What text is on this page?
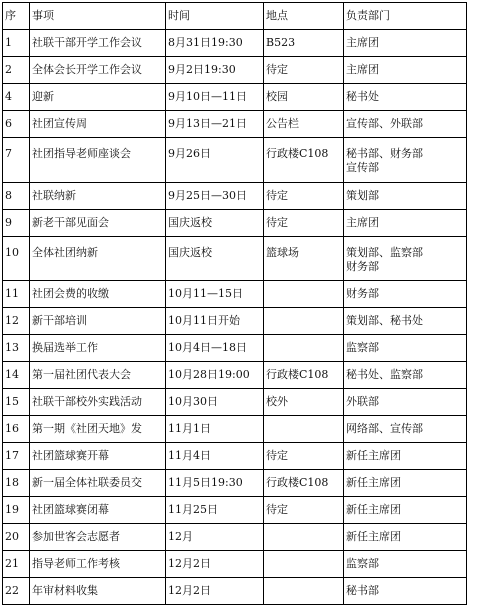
序	事项	时间	地点	负责部门
1	社联干部开学工作会议	8月31日19:30	B523	主席团

2	全体会长开学工作会议	9月2日19:30	待定	主席团

4	迎新	9月10日—11日	校园	秘书处

6	社团宣传周	9月13日—21日	公告栏	宣传部、外联部

7	社团指导老师座谈会	9月26日	行政楼C108	秘书部、财务部
宣传部

8	社联纳新	9月25日—30日	待定	策划部

9	新老干部见面会	国庆返校	待定	主席团

10	全体社团纳新	国庆返校	篮球场	策划部、监察部
财务部

11	社团会费的收缴	10月11—15日		财务部

12	新干部培训	10月11日开始		策划部、秘书处

13	换届选举工作	10月4日—18日		监察部

14	第一届社团代表大会	10月28日19:00	行政楼C108	秘书处、监察部

15	社联干部校外实践活动	10月30日	校外	外联部

16	第一期《社团天地》发	11月1日		网络部、宣传部

17	社团篮球赛开幕	11月4日	待定	新任主席团

18	新一届全体社联委员交	11月5日19:30	行政楼C108	新任主席团

19	社团篮球赛闭幕	11月25日	待定	新任主席团

20	参加世客会志愿者	12月		新任主席团

21	指导老师工作考核	12月2日		监察部

22	年审材料收集	12月2日		秘书部
